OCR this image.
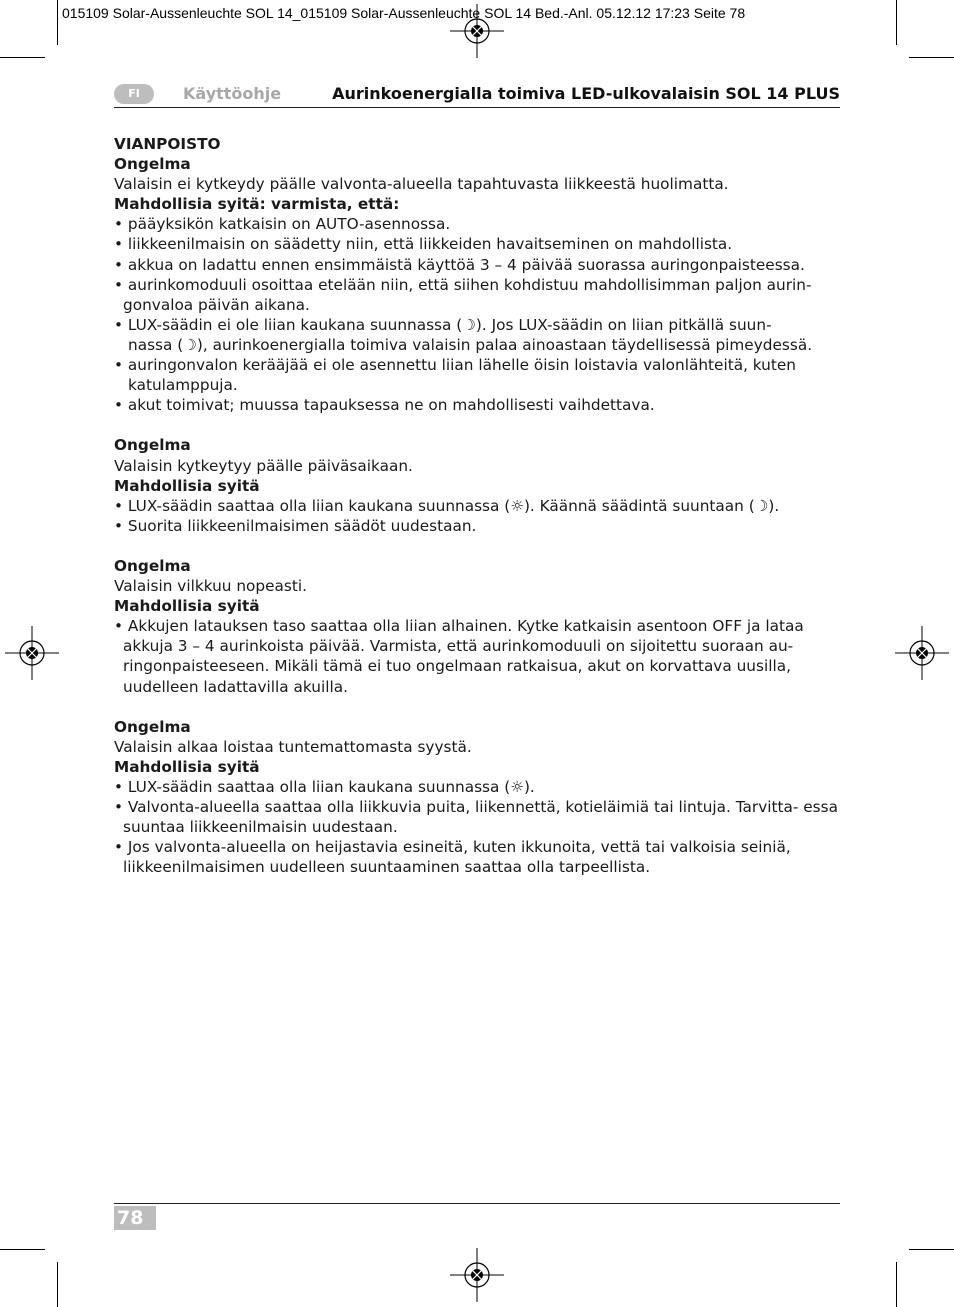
015109 Solar-Aussenleuchte SOL 14_015109 Solar-Aussenleuchte SOL 14 Bed.-Anl. 05.12.12 17:23 Seite 78
FI	Käyttöohje	Aurinkoenergialla toimiva LED-ulkovalaisin SOL 14 PLUS

VIANPOISTO

Ongelma

Valaisin ei kytkeydy päälle valvonta-alueella tapahtuvasta liikkeestä huolimatta.

Mahdollisia syitä: varmista, että:

• pääyksikön katkaisin on AUTO-asennossa.

• liikkeenilmaisin on säädetty niin, että liikkeiden havaitseminen on mahdollista.

• akkua on ladattu ennen ensimmäistä käyttöä 3 – 4 päivää suorassa auringonpaisteessa.

• aurinkomoduuli osoittaa etelään niin, että siihen kohdistuu mahdollisimman paljon aurin-

gonvaloa päivän aikana.

• LUX-säädin ei ole liian kaukana suunnassa (☽). Jos LUX-säädin on liian pitkällä suun-

nassa (☽), aurinkoenergialla toimiva valaisin palaa ainoastaan täydellisessä pimeydessä.

• auringonvalon kerääjää ei ole asennettu liian lähelle öisin loistavia valonlähteitä, kuten katulamppuja.

• akut toimivat; muussa tapauksessa ne on mahdollisesti vaihdettava.

Ongelma

Valaisin kytkeytyy päälle päiväsaikaan.

Mahdollisia syitä

• LUX-säädin saattaa olla liian kaukana suunnassa (☼). Käännä säädintä suuntaan (☽).

• Suorita liikkeenilmaisimen säädöt uudestaan.

Ongelma

Valaisin vilkkuu nopeasti.

Mahdollisia syitä

• Akkujen latauksen taso saattaa olla liian alhainen. Kytke katkaisin asentoon OFF ja lataa akkuja 3 – 4 aurinkoista päivää. Varmista, että aurinkomoduuli on sijoitettu suoraan au- ringonpaisteeseen. Mikäli tämä ei tuo ongelmaan ratkaisua, akut on korvattava uusilla, uudelleen ladattavilla akuilla.

Ongelma

Valaisin alkaa loistaa tuntemattomasta syystä.

Mahdollisia syitä

• LUX-säädin saattaa olla liian kaukana suunnassa (☼).

• Valvonta-alueella saattaa olla liikkuvia puita, liikennettä, kotieläimiä tai lintuja. Tarvitta- essa suuntaa liikkeenilmaisin uudestaan.

• Jos valvonta-alueella on heijastavia esineitä, kuten ikkunoita, vettä tai valkoisia seiniä, liikkeenilmaisimen uudelleen suuntaaminen saattaa olla tarpeellista.

78
